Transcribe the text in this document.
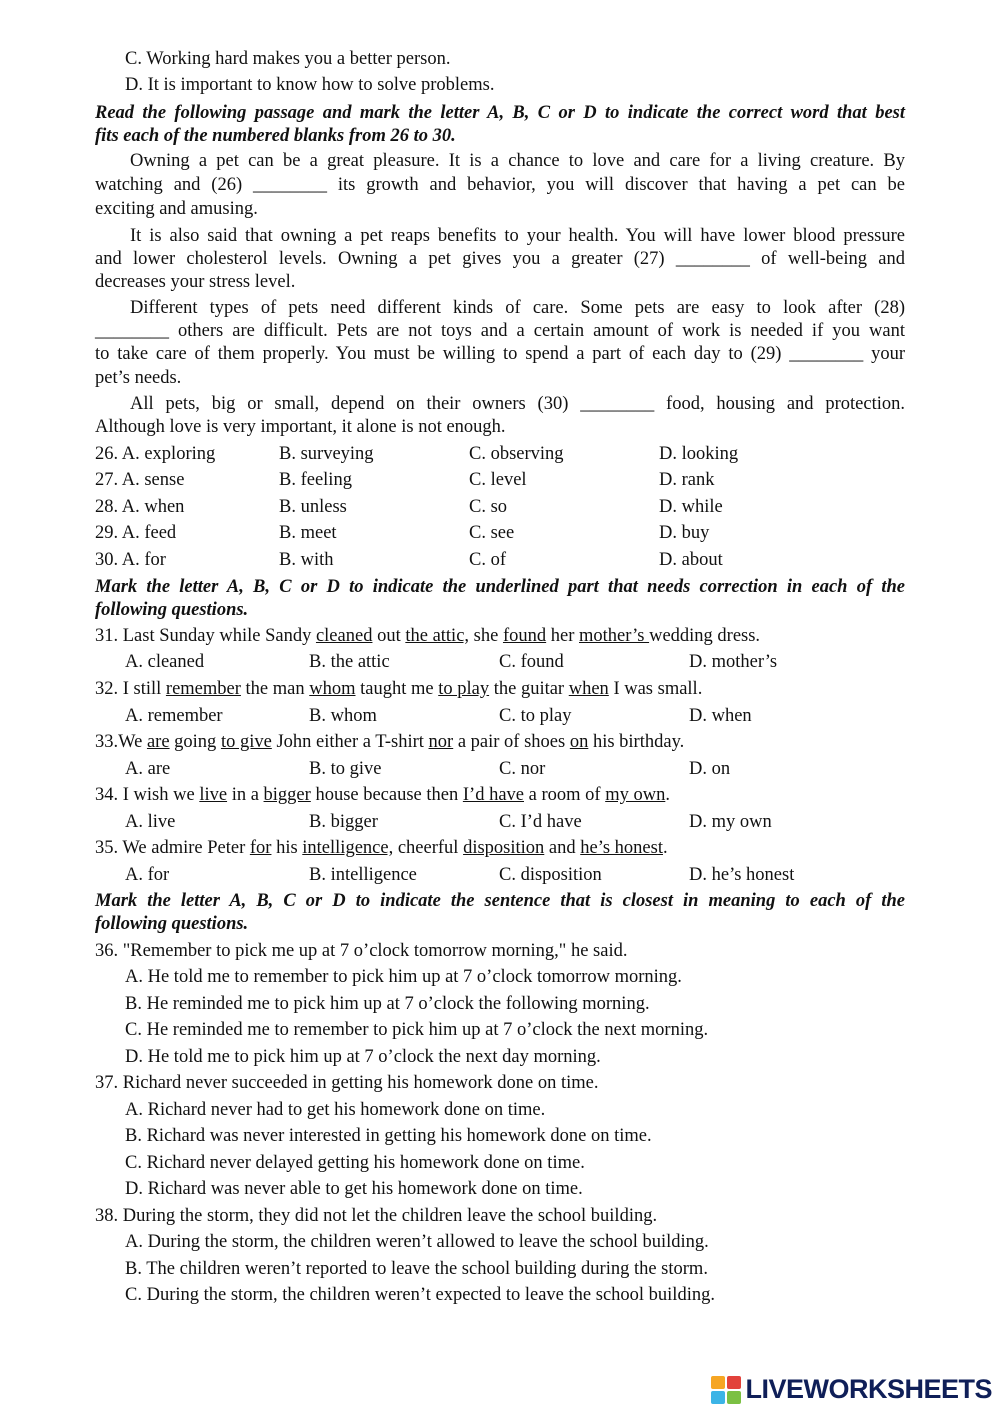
C. Working hard makes you a better person.
D. It is important to know how to solve problems.
Read the following passage and mark the letter A, B, C or D to indicate the correct word that best
fits each of the numbered blanks from 26 to 30.
Owning a pet can be a great pleasure. It is a chance to love and care for a living creature. By
watching and (26) ________ its growth and behavior, you will discover that having a pet can be
exciting and amusing.
It is also said that owning a pet reaps benefits to your health. You will have lower blood pressure
and lower cholesterol levels. Owning a pet gives you a greater (27) ________ of well-being and
decreases your stress level.
Different types of pets need different kinds of care. Some pets are easy to look after (28)
________ others are difficult. Pets are not toys and a certain amount of work is needed if you want
to take care of them properly. You must be willing to spend a part of each day to (29) ________ your
pet’s needs.
All pets, big or small, depend on their owners (30) ________ food, housing and protection.
Although love is very important, it alone is not enough.
26. A. exploring	B. surveying	C. observing	D. looking
27. A. sense	B. feeling	C. level	D. rank
28. A. when	B. unless	C. so	D. while
29. A. feed	B. meet	C. see	D. buy
30. A. for	B. with	C. of	D. about
Mark the letter A, B, C or D to indicate the underlined part that needs correction in each of the
following questions.
31. Last Sunday while Sandy cleaned out the attic, she found her mother’s wedding dress.
A. cleaned	B. the attic	C. found	D. mother’s
32. I still remember the man whom taught me to play the guitar when I was small.
A. remember	B. whom	C. to play	D. when
33.We are going to give John either a T-shirt nor a pair of shoes on his birthday.
A. are	B. to give	C. nor	D. on
34. I wish we live in a bigger house because then I’d have a room of my own.
A. live	B. bigger	C. I’d have	D. my own
35. We admire Peter for his intelligence, cheerful disposition and he’s honest.
A. for	B. intelligence	C. disposition	D. he’s honest
Mark the letter A, B, C or D to indicate the sentence that is closest in meaning to each of the
following questions.
36. "Remember to pick me up at 7 o’clock tomorrow morning," he said.
A. He told me to remember to pick him up at 7 o’clock tomorrow morning.
B. He reminded me to pick him up at 7 o’clock the following morning.
C. He reminded me to remember to pick him up at 7 o’clock the next morning.
D. He told me to pick him up at 7 o’clock the next day morning.
37. Richard never succeeded in getting his homework done on time.
A. Richard never had to get his homework done on time.
B. Richard was never interested in getting his homework done on time.
C. Richard never delayed getting his homework done on time.
D. Richard was never able to get his homework done on time.
38. During the storm, they did not let the children leave the school building.
A. During the storm, the children weren’t allowed to leave the school building.
B. The children weren’t reported to leave the school building during the storm.
C. During the storm, the children weren’t expected to leave the school building.
LIVEWORKSHEETS
